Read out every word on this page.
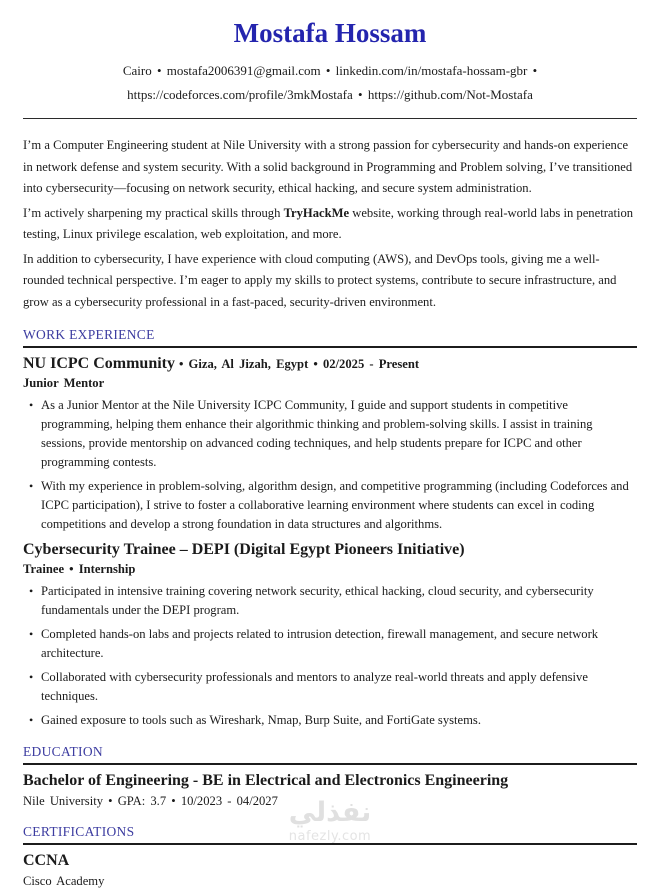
Mostafa Hossam
Cairo • mostafa2006391@gmail.com • linkedin.com/in/mostafa-hossam-gbr •
https://codeforces.com/profile/3mkMostafa • https://github.com/Not-Mostafa

I’m a Computer Engineering student at Nile University with a strong passion for cybersecurity and hands-on experience in network defense and system security. With a solid background in Programming and Problem solving, I’ve transitioned into cybersecurity—focusing on network security, ethical hacking, and secure system administration.

I’m actively sharpening my practical skills through TryHackMe website, working through real-world labs in penetration testing, Linux privilege escalation, web exploitation, and more.

In addition to cybersecurity, I have experience with cloud computing (AWS), and DevOps tools, giving me a well-rounded technical perspective. I’m eager to apply my skills to protect systems, contribute to secure infrastructure, and grow as a cybersecurity professional in a fast-paced, security-driven environment.

WORK EXPERIENCE
NU ICPC Community • Giza, Al Jizah, Egypt • 02/2025 - Present
Junior Mentor
• As a Junior Mentor at the Nile University ICPC Community, I guide and support students in competitive programming, helping them enhance their algorithmic thinking and problem-solving skills. I assist in training sessions, provide mentorship on advanced coding techniques, and help students prepare for ICPC and other programming contests.
• With my experience in problem-solving, algorithm design, and competitive programming (including Codeforces and ICPC participation), I strive to foster a collaborative learning environment where students can excel in coding competitions and develop a strong foundation in data structures and algorithms.
Cybersecurity Trainee – DEPI (Digital Egypt Pioneers Initiative)
Trainee • Internship
• Participated in intensive training covering network security, ethical hacking, cloud security, and cybersecurity fundamentals under the DEPI program.
• Completed hands-on labs and projects related to intrusion detection, firewall management, and secure network architecture.
• Collaborated with cybersecurity professionals and mentors to analyze real-world threats and apply defensive techniques.
• Gained exposure to tools such as Wireshark, Nmap, Burp Suite, and FortiGate systems.
EDUCATION
Bachelor of Engineering - BE in Electrical and Electronics Engineering
Nile University • GPA: 3.7 • 10/2023 - 04/2027
CERTIFICATIONS
CCNA
Cisco Academy
نفذلي
nafezly.com
